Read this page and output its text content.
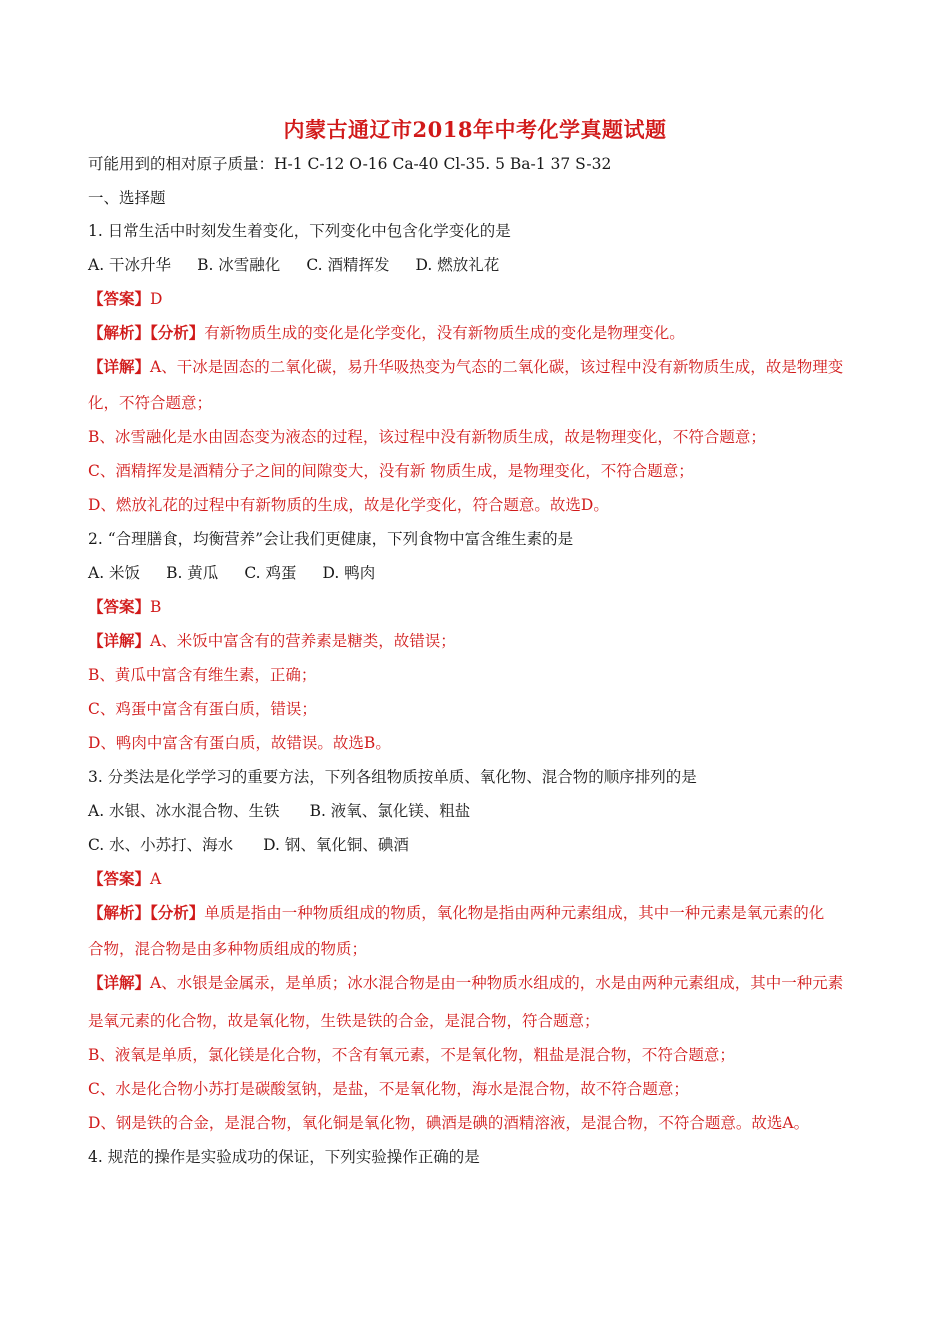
内蒙古通辽市2018年中考化学真题试题
可能用到的相对原子质量：H-1 C-12 O-16 Ca-40 Cl-35. 5 Ba-1 37 S-32
一、选择题
1. 日常生活中时刻发生着变化，下列变化中包含化学变化的是
A. 干冰升华 B. 冰雪融化 C. 酒精挥发 D. 燃放礼花
【答案】D
【解析】【分析】有新物质生成的变化是化学变化，没有新物质生成的变化是物理变化。
【详解】A、干冰是固态的二氧化碳，易升华吸热变为气态的二氧化碳，该过程中没有新物质生成，故是物理变
化，不符合题意；
B、冰雪融化是水由固态变为液态的过程，该过程中没有新物质生成，故是物理变化，不符合题意；
C、酒精挥发是酒精分子之间的间隙变大，没有新 物质生成，是物理变化，不符合题意；
D、燃放礼花的过程中有新物质的生成，故是化学变化，符合题意。故选D。
2. “合理膳食，均衡营养”会让我们更健康，下列食物中富含维生素的是
A. 米饭 B. 黄瓜 C. 鸡蛋 D. 鸭肉
【答案】B
【详解】A、米饭中富含有的营养素是糖类，故错误；
B、黄瓜中富含有维生素，正确；
C、鸡蛋中富含有蛋白质，错误；
D、鸭肉中富含有蛋白质，故错误。故选B。
3. 分类法是化学学习的重要方法，下列各组物质按单质、氧化物、混合物的顺序排列的是
A. 水银、冰水混合物、生铁 B. 液氧、氯化镁、粗盐
C. 水、小苏打、海水 D. 钢、氧化铜、碘酒
【答案】A
【解析】【分析】单质是指由一种物质组成的物质，氧化物是指由两种元素组成，其中一种元素是氧元素的化
合物，混合物是由多种物质组成的物质；
【详解】A、水银是金属汞，是单质；冰水混合物是由一种物质水组成的，水是由两种元素组成，其中一种元素
是氧元素的化合物，故是氧化物，生铁是铁的合金，是混合物，符合题意；
B、液氧是单质，氯化镁是化合物，不含有氧元素，不是氧化物，粗盐是混合物，不符合题意；
C、水是化合物小苏打是碳酸氢钠，是盐，不是氧化物，海水是混合物，故不符合题意；
D、钢是铁的合金，是混合物，氧化铜是氧化物，碘酒是碘的酒精溶液，是混合物，不符合题意。故选A。
4. 规范的操作是实验成功的保证，下列实验操作正确的是
